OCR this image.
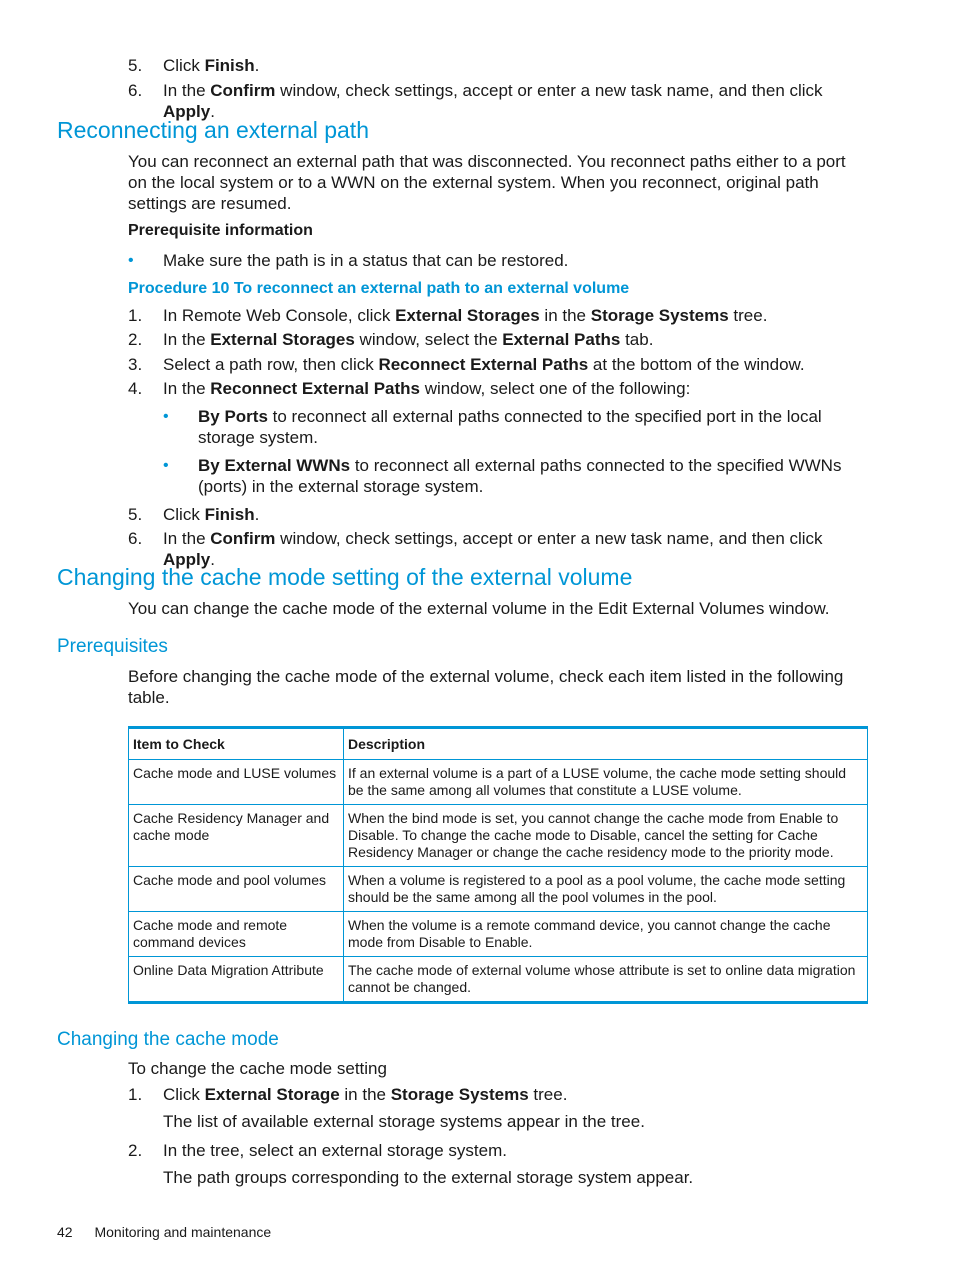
5.	Click Finish.
6.	In the Confirm window, check settings, accept or enter a new task name, and then click Apply.
Reconnecting an external path
You can reconnect an external path that was disconnected. You reconnect paths either to a port on the local system or to a WWN on the external system. When you reconnect, original path settings are resumed.
Prerequisite information
• Make sure the path is in a status that can be restored.
Procedure 10 To reconnect an external path to an external volume
1.	In Remote Web Console, click External Storages in the Storage Systems tree.
2.	In the External Storages window, select the External Paths tab.
3.	Select a path row, then click Reconnect External Paths at the bottom of the window.
4.	In the Reconnect External Paths window, select one of the following:
• By Ports to reconnect all external paths connected to the specified port in the local storage system.
• By External WWNs to reconnect all external paths connected to the specified WWNs (ports) in the external storage system.
5.	Click Finish.
6.	In the Confirm window, check settings, accept or enter a new task name, and then click Apply.
Changing the cache mode setting of the external volume
You can change the cache mode of the external volume in the Edit External Volumes window.
Prerequisites
Before changing the cache mode of the external volume, check each item listed in the following table.
Item to Check	Description
Cache mode and LUSE volumes	If an external volume is a part of a LUSE volume, the cache mode setting should be the same among all volumes that constitute a LUSE volume.
Cache Residency Manager and cache mode	When the bind mode is set, you cannot change the cache mode from Enable to Disable. To change the cache mode to Disable, cancel the setting for Cache Residency Manager or change the cache residency mode to the priority mode.
Cache mode and pool volumes	When a volume is registered to a pool as a pool volume, the cache mode setting should be the same among all the pool volumes in the pool.
Cache mode and remote command devices	When the volume is a remote command device, you cannot change the cache mode from Disable to Enable.
Online Data Migration Attribute	The cache mode of external volume whose attribute is set to online data migration cannot be changed.
Changing the cache mode
To change the cache mode setting
1.	Click External Storage in the Storage Systems tree.
The list of available external storage systems appear in the tree.
2.	In the tree, select an external storage system.
The path groups corresponding to the external storage system appear.
42 Monitoring and maintenance
